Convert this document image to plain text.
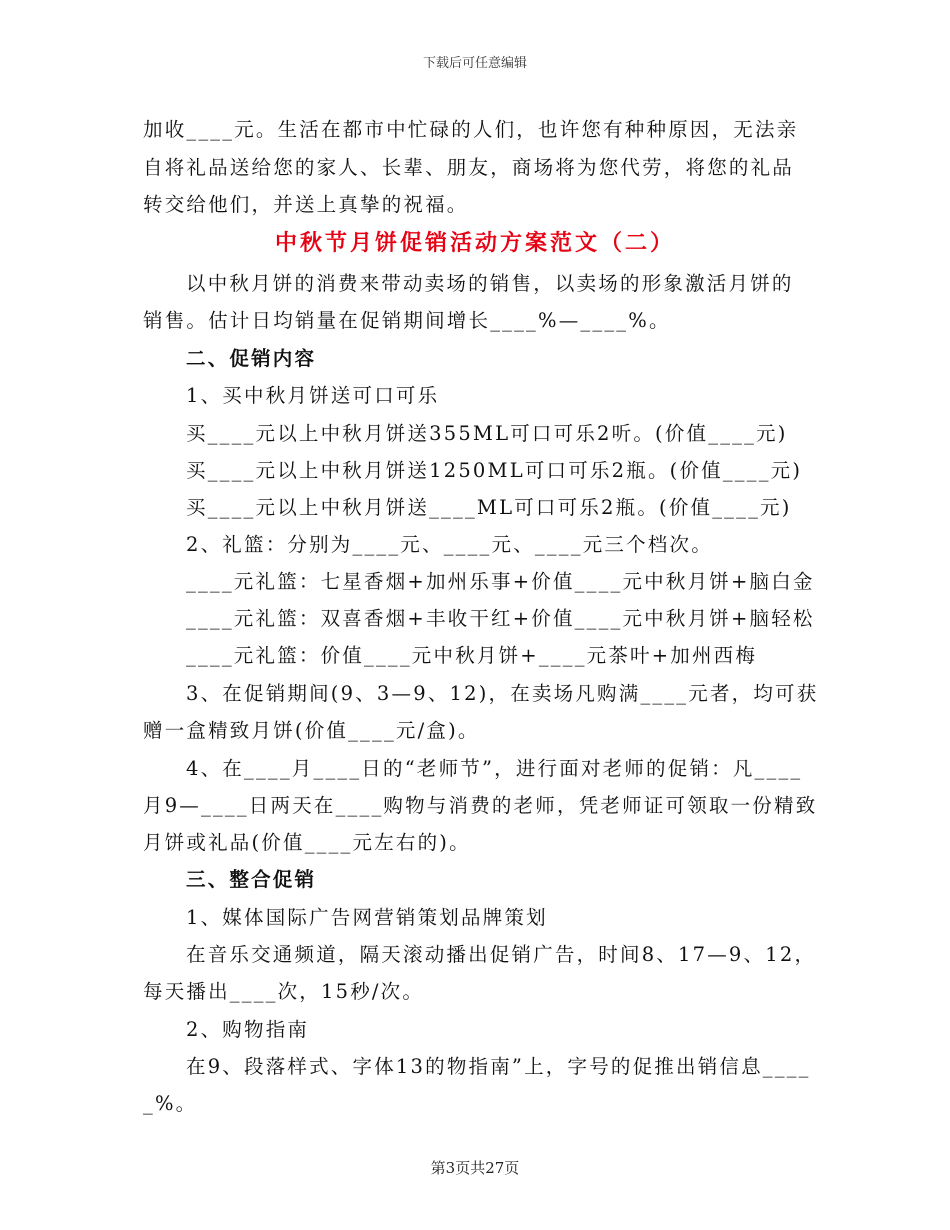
下载后可任意编辑
加收____元。生活在都市中忙碌的人们，也许您有种种原因，无法亲
自将礼品送给您的家人、长辈、朋友，商场将为您代劳，将您的礼品
转交给他们，并送上真挚的祝福。
中秋节月饼促销活动方案范文（二）
以中秋月饼的消费来带动卖场的销售，以卖场的形象激活月饼的
销售。估计日均销量在促销期间增长____%—____%。
二、促销内容
1、买中秋月饼送可口可乐
买____元以上中秋月饼送355ML可口可乐2听。(价值____元)
买____元以上中秋月饼送1250ML可口可乐2瓶。(价值____元)
买____元以上中秋月饼送____ML可口可乐2瓶。(价值____元)
2、礼篮：分别为____元、____元、____元三个档次。
____元礼篮：七星香烟+加州乐事+价值____元中秋月饼+脑白金
____元礼篮：双喜香烟+丰收干红+价值____元中秋月饼+脑轻松
____元礼篮：价值____元中秋月饼+____元茶叶+加州西梅
3、在促销期间(9、3—9、12)，在卖场凡购满____元者，均可获
赠一盒精致月饼(价值____元/盒)。
4、在____月____日的“老师节”，进行面对老师的促销：凡____
月9—____日两天在____购物与消费的老师，凭老师证可领取一份精致
月饼或礼品(价值____元左右的)。
三、整合促销
1、媒体国际广告网营销策划品牌策划
在音乐交通频道，隔天滚动播出促销广告，时间8、17—9、12，
每天播出____次，15秒/次。
2、购物指南
在9、段落样式、字体13的物指南”上，字号的促推出销信息____
_%。
第3页共27页
